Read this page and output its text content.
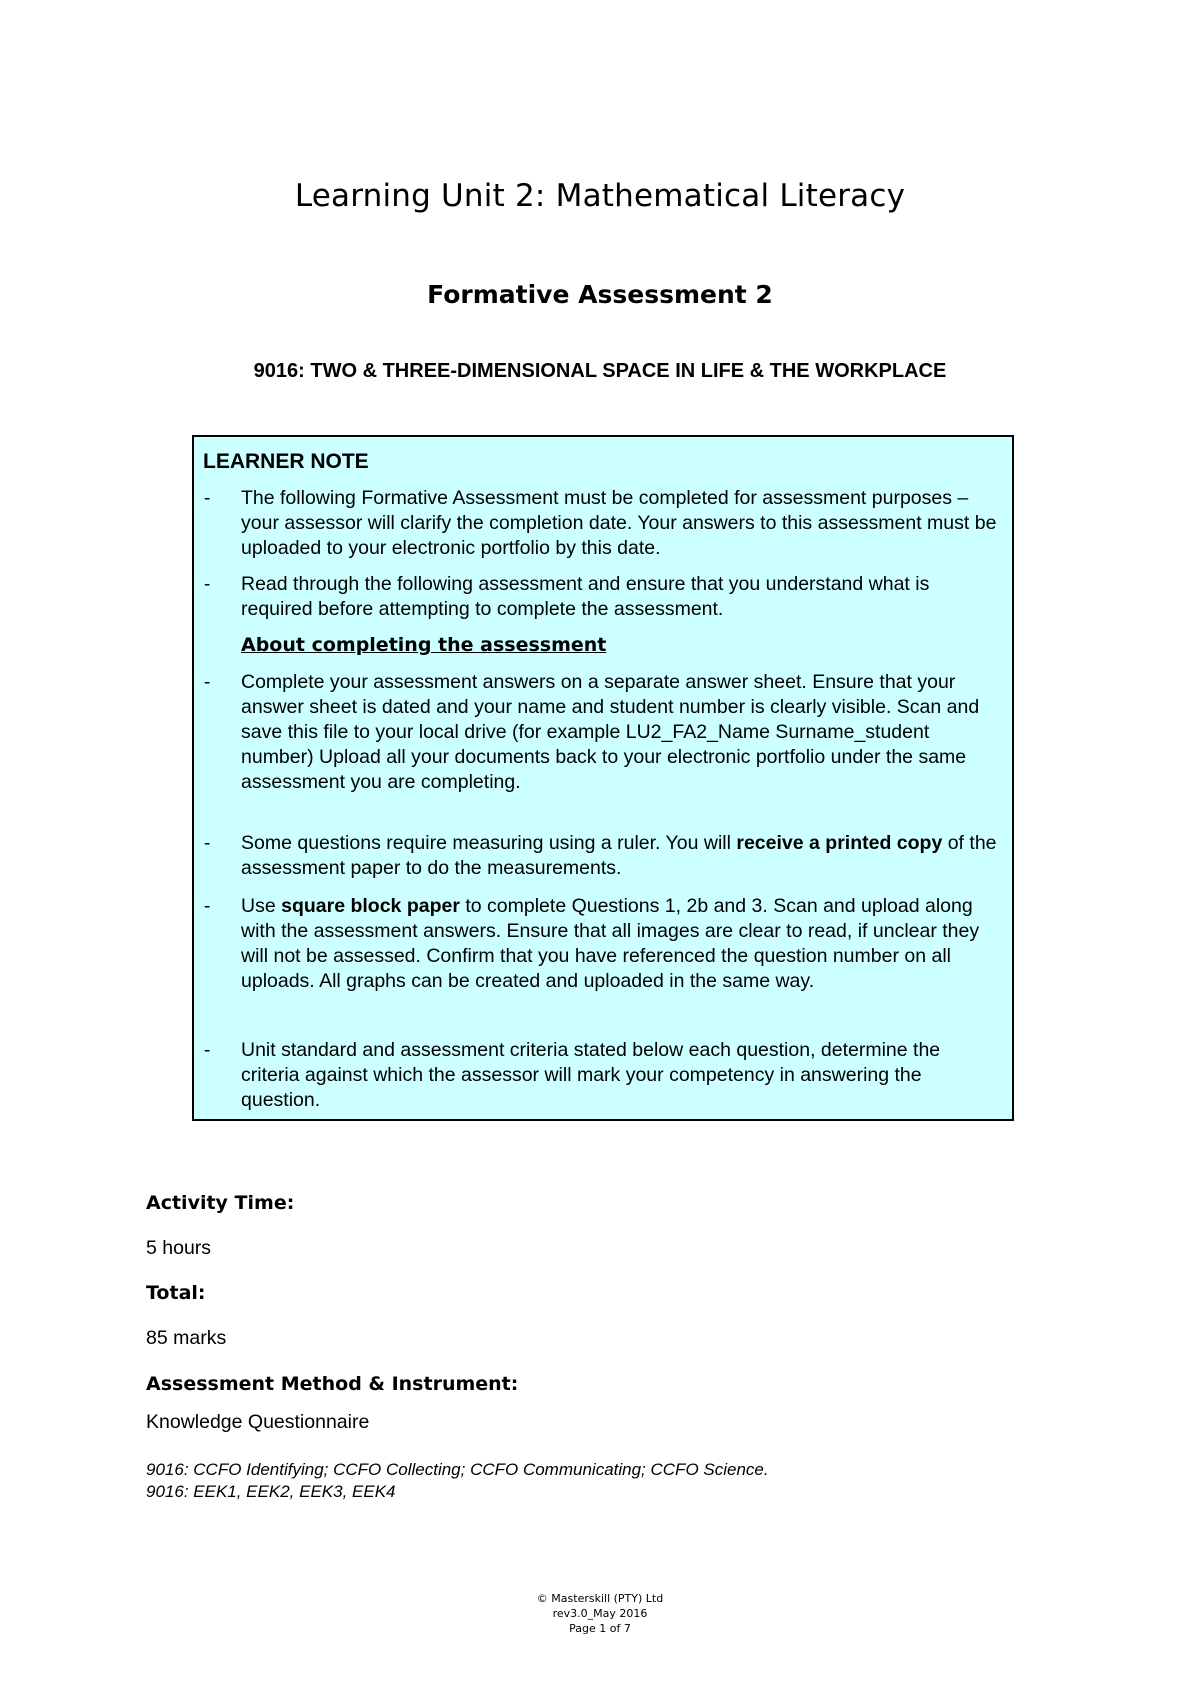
Learning Unit 2: Mathematical Literacy
Formative Assessment 2
9016: TWO & THREE-DIMENSIONAL SPACE IN LIFE & THE WORKPLACE
LEARNER NOTE
- The following Formative Assessment must be completed for assessment purposes – your assessor will clarify the completion date. Your answers to this assessment must be uploaded to your electronic portfolio by this date.
- Read through the following assessment and ensure that you understand what is required before attempting to complete the assessment.
About completing the assessment
- Complete your assessment answers on a separate answer sheet. Ensure that your answer sheet is dated and your name and student number is clearly visible. Scan and save this file to your local drive (for example LU2_FA2_Name Surname_student number) Upload all your documents back to your electronic portfolio under the same assessment you are completing.
- Some questions require measuring using a ruler. You will receive a printed copy of the assessment paper to do the measurements.
- Use square block paper to complete Questions 1, 2b and 3. Scan and upload along with the assessment answers. Ensure that all images are clear to read, if unclear they will not be assessed. Confirm that you have referenced the question number on all uploads. All graphs can be created and uploaded in the same way.
- Unit standard and assessment criteria stated below each question, determine the criteria against which the assessor will mark your competency in answering the question.
Activity Time:
5 hours
Total:
85 marks
Assessment Method & Instrument:
Knowledge Questionnaire
9016: CCFO Identifying; CCFO Collecting; CCFO Communicating; CCFO Science. 9016: EEK1, EEK2, EEK3, EEK4
© Masterskill (PTY) Ltd
rev3.0_May 2016
Page 1 of 7
